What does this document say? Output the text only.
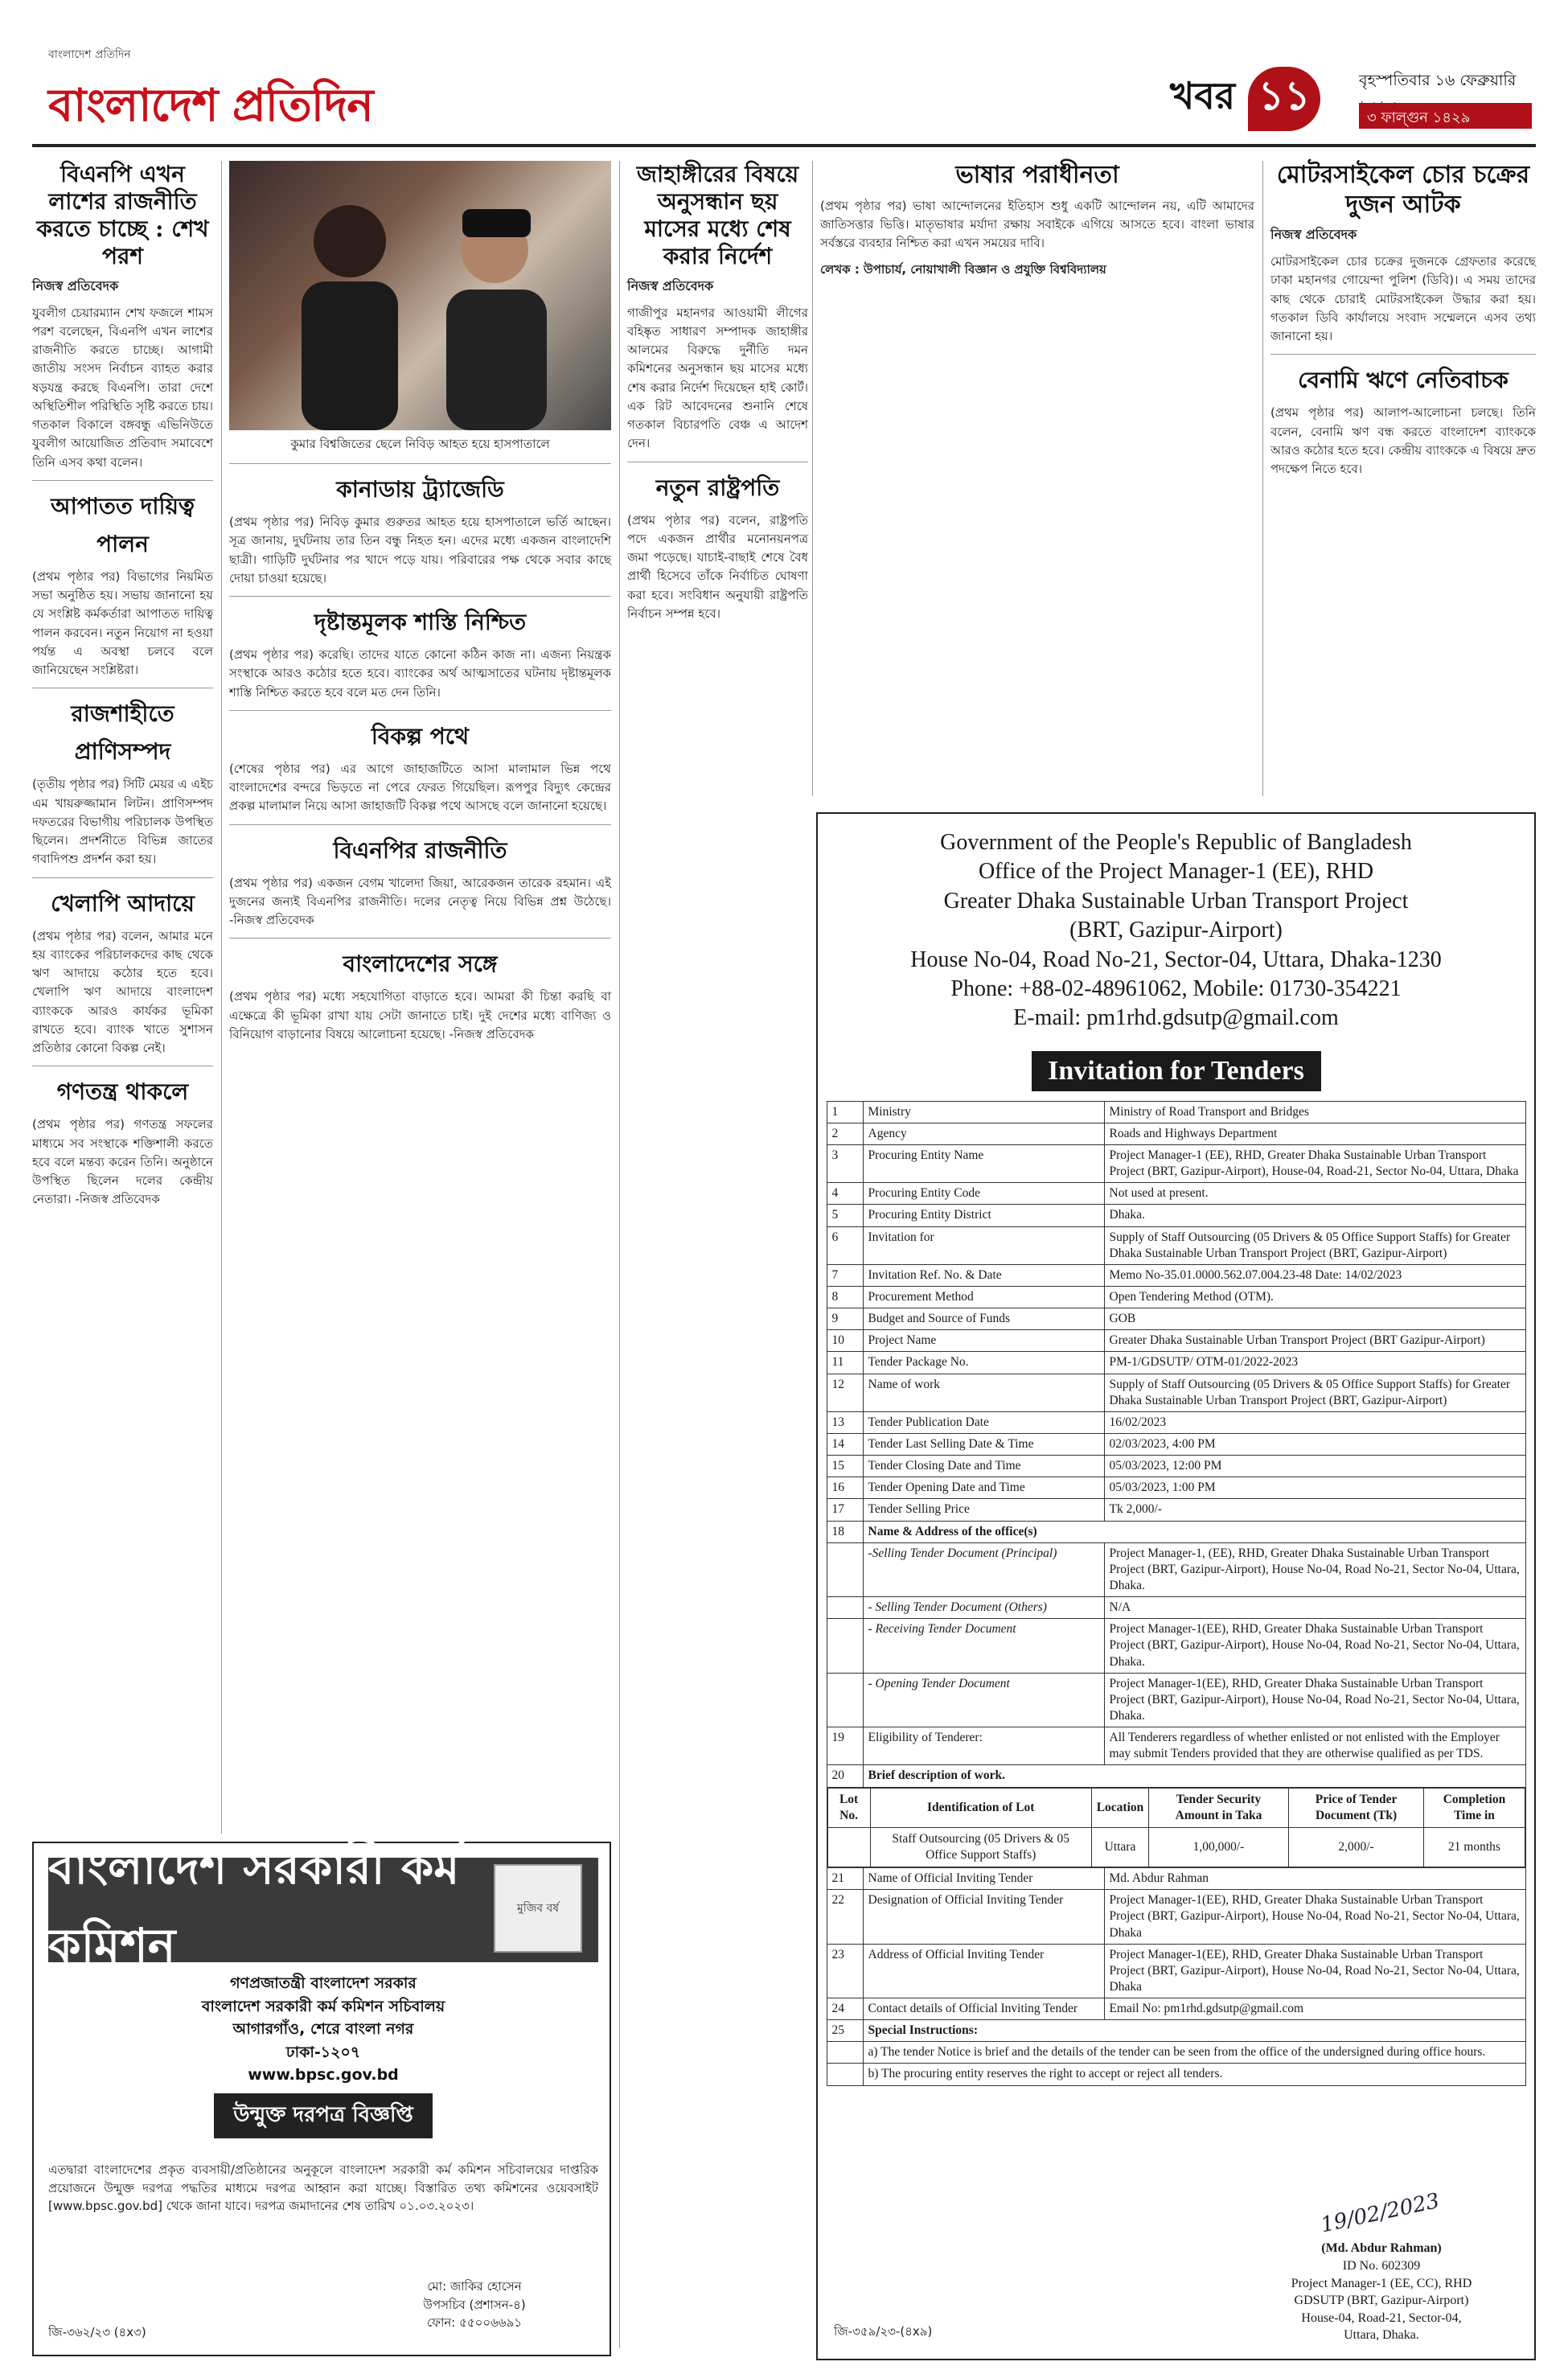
বাংলাদেশ প্রতিদিন
বাংলাদেশ প্রতিদিন	খবর ১১	বৃহস্পতিবার ১৬ ফেব্রুয়ারি
৩ ফাল্গুন ১৪২৯
বিএনপি এখন লাশের রাজনীতি করতে চাচ্ছে : শেখ পরশ
নিজস্ব প্রতিবেদক
যুবলীগ চেয়ারম্যান শেখ ফজলে শামস পরশ বলেছেন, বিএনপি এখন লাশের রাজনীতি করতে চাচ্ছে। আগামী জাতীয় সংসদ নির্বাচন ব্যাহত করার ষড়যন্ত্র করছে বিএনপি। তারা দেশে অস্থিতিশীল পরিস্থিতি সৃষ্টি করতে চায়। গতকাল বিকালে বঙ্গবন্ধু এভিনিউতে যুবলীগ আয়োজিত প্রতিবাদ সমাবেশে তিনি এসব কথা বলেন।
আপাতত দায়িত্ব পালন
(প্রথম পৃষ্ঠার পর) বিভাগের নিয়মিত সভা অনুষ্ঠিত হয়। সভায় জানানো হয় যে সংশ্লিষ্ট কর্মকর্তারা আপাতত দায়িত্ব পালন করবেন। নতুন নিয়োগ না হওয়া পর্যন্ত এ অবস্থা চলবে বলে জানিয়েছেন সংশ্লিষ্টরা।
রাজশাহীতে প্রাণিসম্পদ
(তৃতীয় পৃষ্ঠার পর) সিটি মেয়র এ এইচ এম খায়রুজ্জামান লিটন। প্রাণিসম্পদ দফতরের বিভাগীয় পরিচালক উপস্থিত ছিলেন। প্রদর্শনীতে বিভিন্ন জাতের গবাদিপশু প্রদর্শন করা হয়।
খেলাপি আদায়ে
(প্রথম পৃষ্ঠার পর) বলেন, আমার মনে হয় ব্যাংকের পরিচালকদের কাছ থেকে ঋণ আদায়ে কঠোর হতে হবে। খেলাপি ঋণ আদায়ে বাংলাদেশ ব্যাংককে আরও কার্যকর ভূমিকা রাখতে হবে। ব্যাংক খাতে সুশাসন প্রতিষ্ঠার কোনো বিকল্প নেই।
গণতন্ত্র থাকলে
(প্রথম পৃষ্ঠার পর) গণতন্ত্র সফলের মাধ্যমে সব সংস্থাকে শক্তিশালী করতে হবে বলে মন্তব্য করেন তিনি। অনুষ্ঠানে উপস্থিত ছিলেন দলের কেন্দ্রীয় নেতারা। -নিজস্ব প্রতিবেদক
কুমার বিশ্বজিতের ছেলে নিবিড় আহত হয়ে হাসপাতালে
কানাডায় ট্র্যাজেডি
(প্রথম পৃষ্ঠার পর) নিবিড় কুমার গুরুতর আহত হয়ে হাসপাতালে ভর্তি আছেন। সূত্র জানায়, দুর্ঘটনায় তার তিন বন্ধু নিহত হন। এদের মধ্যে একজন বাংলাদেশি ছাত্রী। গাড়িটি দুর্ঘটনার পর খাদে পড়ে যায়। পরিবারের পক্ষ থেকে সবার কাছে দোয়া চাওয়া হয়েছে।
দৃষ্টান্তমূলক শাস্তি নিশ্চিত
(প্রথম পৃষ্ঠার পর) করেছি। তাদের যাতে কোনো কঠিন কাজ না। এজন্য নিয়ন্ত্রক সংস্থাকে আরও কঠোর হতে হবে। ব্যাংকের অর্থ আত্মসাতের ঘটনায় দৃষ্টান্তমূলক শাস্তি নিশ্চিত করতে হবে বলে মত দেন তিনি।
বিকল্প পথে
(শেষের পৃষ্ঠার পর) এর আগে জাহাজটিতে আসা মালামাল ভিন্ন পথে বাংলাদেশের বন্দরে ভিড়তে না পেরে ফেরত গিয়েছিল। রূপপুর বিদ্যুৎ কেন্দ্রের প্রকল্প মালামাল নিয়ে আসা জাহাজটি বিকল্প পথে আসছে বলে জানানো হয়েছে।
বিএনপির রাজনীতি
(প্রথম পৃষ্ঠার পর) একজন বেগম খালেদা জিয়া, আরেকজন তারেক রহমান। এই দুজনের জন্যই বিএনপির রাজনীতি। দলের নেতৃত্ব নিয়ে বিভিন্ন প্রশ্ন উঠেছে। -নিজস্ব প্রতিবেদক
বাংলাদেশের সঙ্গে
(প্রথম পৃষ্ঠার পর) মধ্যে সহযোগিতা বাড়াতে হবে। আমরা কী চিন্তা করছি বা এক্ষেত্রে কী ভূমিকা রাখা যায় সেটা জানাতে চাই। দুই দেশের মধ্যে বাণিজ্য ও বিনিয়োগ বাড়ানোর বিষয়ে আলোচনা হয়েছে। -নিজস্ব প্রতিবেদক
জাহাঙ্গীরের বিষয়ে অনুসন্ধান ছয় মাসের মধ্যে শেষ করার নির্দেশ
নিজস্ব প্রতিবেদক
গাজীপুর মহানগর আওয়ামী লীগের বহিষ্কৃত সাধারণ সম্পাদক জাহাঙ্গীর আলমের বিরুদ্ধে দুর্নীতি দমন কমিশনের অনুসন্ধান ছয় মাসের মধ্যে শেষ করার নির্দেশ দিয়েছেন হাই কোর্ট। এক রিট আবেদনের শুনানি শেষে গতকাল বিচারপতি বেঞ্চ এ আদেশ দেন।
নতুন রাষ্ট্রপতি
(প্রথম পৃষ্ঠার পর) বলেন, রাষ্ট্রপতি পদে একজন প্রার্থীর মনোনয়নপত্র জমা পড়েছে। যাচাই-বাছাই শেষে বৈধ প্রার্থী হিসেবে তাঁকে নির্বাচিত ঘোষণা করা হবে। সংবিধান অনুযায়ী রাষ্ট্রপতি নির্বাচন সম্পন্ন হবে।
ভাষার পরাধীনতা
(প্রথম পৃষ্ঠার পর) ভাষা আন্দোলনের ইতিহাস শুধু একটি আন্দোলন নয়, এটি আমাদের জাতিসত্তার ভিত্তি। মাতৃভাষার মর্যাদা রক্ষায় সবাইকে এগিয়ে আসতে হবে। বাংলা ভাষার সর্বস্তরে ব্যবহার নিশ্চিত করা এখন সময়ের দাবি।
লেখক : উপাচার্য, নোয়াখালী বিজ্ঞান ও প্রযুক্তি বিশ্ববিদ্যালয়
মোটরসাইকেল চোর চক্রের দুজন আটক
নিজস্ব প্রতিবেদক
মোটরসাইকেল চোর চক্রের দুজনকে গ্রেফতার করেছে ঢাকা মহানগর গোয়েন্দা পুলিশ (ডিবি)। এ সময় তাদের কাছ থেকে চোরাই মোটরসাইকেল উদ্ধার করা হয়। গতকাল ডিবি কার্যালয়ে সংবাদ সম্মেলনে এসব তথ্য জানানো হয়।
বেনামি ঋণে নেতিবাচক
(প্রথম পৃষ্ঠার পর) আলাপ-আলোচনা চলছে। তিনি বলেন, বেনামি ঋণ বন্ধ করতে বাংলাদেশ ব্যাংককে আরও কঠোর হতে হবে। কেন্দ্রীয় ব্যাংককে এ বিষয়ে দ্রুত পদক্ষেপ নিতে হবে।
বাংলাদেশ সরকারী কর্ম কমিশন
মুজিব বর্ষ
গণপ্রজাতন্ত্রী বাংলাদেশ সরকার
বাংলাদেশ সরকারী কর্ম কমিশন সচিবালয়
আগারগাঁও, শেরে বাংলা নগর
ঢাকা-১২০৭
www.bpsc.gov.bd
উন্মুক্ত দরপত্র বিজ্ঞপ্তি
এতদ্বারা বাংলাদেশের প্রকৃত ব্যবসায়ী/প্রতিষ্ঠানের অনুকূলে বাংলাদেশ সরকারী কর্ম কমিশন সচিবালয়ের দাপ্তরিক প্রয়োজনে উন্মুক্ত দরপত্র পদ্ধতির মাধ্যমে দরপত্র আহ্বান করা যাচ্ছে। বিস্তারিত তথ্য কমিশনের ওয়েবসাইট [www.bpsc.gov.bd] থেকে জানা যাবে। দরপত্র জমাদানের শেষ তারিখ ০১.০৩.২০২৩।
মো: জাকির হোসেন
উপসচিব (প্রশাসন-৪)
ফোন: ৫৫০০৬৬৯১
জি-৩৬২/২৩ (৪x৩)
Government of the People's Republic of Bangladesh
Office of the Project Manager-1 (EE), RHD
Greater Dhaka Sustainable Urban Transport Project
(BRT, Gazipur-Airport)
House No-04, Road No-21, Sector-04, Uttara, Dhaka-1230
Phone: +88-02-48961062, Mobile: 01730-354221
E-mail: pm1rhd.gdsutp@gmail.com
Invitation for Tenders
1	Ministry	Ministry of Road Transport and Bridges
2	Agency	Roads and Highways Department
3	Procuring Entity Name	Project Manager-1 (EE), RHD, Greater Dhaka Sustainable Urban Transport Project (BRT, Gazipur-Airport), House-04, Road-21, Sector No-04, Uttara, Dhaka
4	Procuring Entity Code	Not used at present.
5	Procuring Entity District	Dhaka.
6	Invitation for	Supply of Staff Outsourcing (05 Drivers & 05 Office Support Staffs) for Greater Dhaka Sustainable Urban Transport Project (BRT, Gazipur-Airport)
7	Invitation Ref. No. & Date	Memo No-35.01.0000.562.07.004.23-48 Date: 14/02/2023
8	Procurement Method	Open Tendering Method (OTM).
9	Budget and Source of Funds	GOB
10	Project Name	Greater Dhaka Sustainable Urban Transport Project (BRT Gazipur-Airport)
11	Tender Package No.	PM-1/GDSUTP/ OTM-01/2022-2023
12	Name of work	Supply of Staff Outsourcing (05 Drivers & 05 Office Support Staffs) for Greater Dhaka Sustainable Urban Transport Project (BRT, Gazipur-Airport)
13	Tender Publication Date	16/02/2023
14	Tender Last Selling Date & Time	02/03/2023, 4:00 PM
15	Tender Closing Date and Time	05/03/2023, 12:00 PM
16	Tender Opening Date and Time	05/03/2023, 1:00 PM
17	Tender Selling Price	Tk 2,000/-
18	Name & Address of the office(s)
	-Selling Tender Document (Principal)	Project Manager-1, (EE), RHD, Greater Dhaka Sustainable Urban Transport Project (BRT, Gazipur-Airport), House No-04, Road No-21, Sector No-04, Uttara, Dhaka.
	- Selling Tender Document (Others)	N/A
	- Receiving Tender Document	Project Manager-1(EE), RHD, Greater Dhaka Sustainable Urban Transport Project (BRT, Gazipur-Airport), House No-04, Road No-21, Sector No-04, Uttara, Dhaka.
	- Opening Tender Document	Project Manager-1(EE), RHD, Greater Dhaka Sustainable Urban Transport Project (BRT, Gazipur-Airport), House No-04, Road No-21, Sector No-04, Uttara, Dhaka.
19	Eligibility of Tenderer:	All Tenderers regardless of whether enlisted or not enlisted with the Employer may submit Tenders provided that they are otherwise qualified as per TDS.
20	Brief description of work.

Lot No.	Identification of Lot	Location	Tender Security Amount in Taka	Price of Tender Document (Tk)	Completion Time in
	Staff Outsourcing (05 Drivers & 05 Office Support Staffs)	Uttara	1,00,000/-	2,000/-	21 months

21	Name of Official Inviting Tender	Md. Abdur Rahman
22	Designation of Official Inviting Tender	Project Manager-1(EE), RHD, Greater Dhaka Sustainable Urban Transport Project (BRT, Gazipur-Airport), House No-04, Road No-21, Sector No-04, Uttara, Dhaka
23	Address of Official Inviting Tender	Project Manager-1(EE), RHD, Greater Dhaka Sustainable Urban Transport Project (BRT, Gazipur-Airport), House No-04, Road No-21, Sector No-04, Uttara, Dhaka
24	Contact details of Official Inviting Tender	Email No: pm1rhd.gdsutp@gmail.com
25	Special Instructions:
	a) The tender Notice is brief and the details of the tender can be seen from the office of the undersigned during office hours.
	b) The procuring entity reserves the right to accept or reject all tenders.
জি-৩৫৯/২৩-(৪x৯)
19/02/2023
(Md. Abdur Rahman)
ID No. 602309
Project Manager-1 (EE, CC), RHD
GDSUTP (BRT, Gazipur-Airport)
House-04, Road-21, Sector-04,
Uttara, Dhaka.
